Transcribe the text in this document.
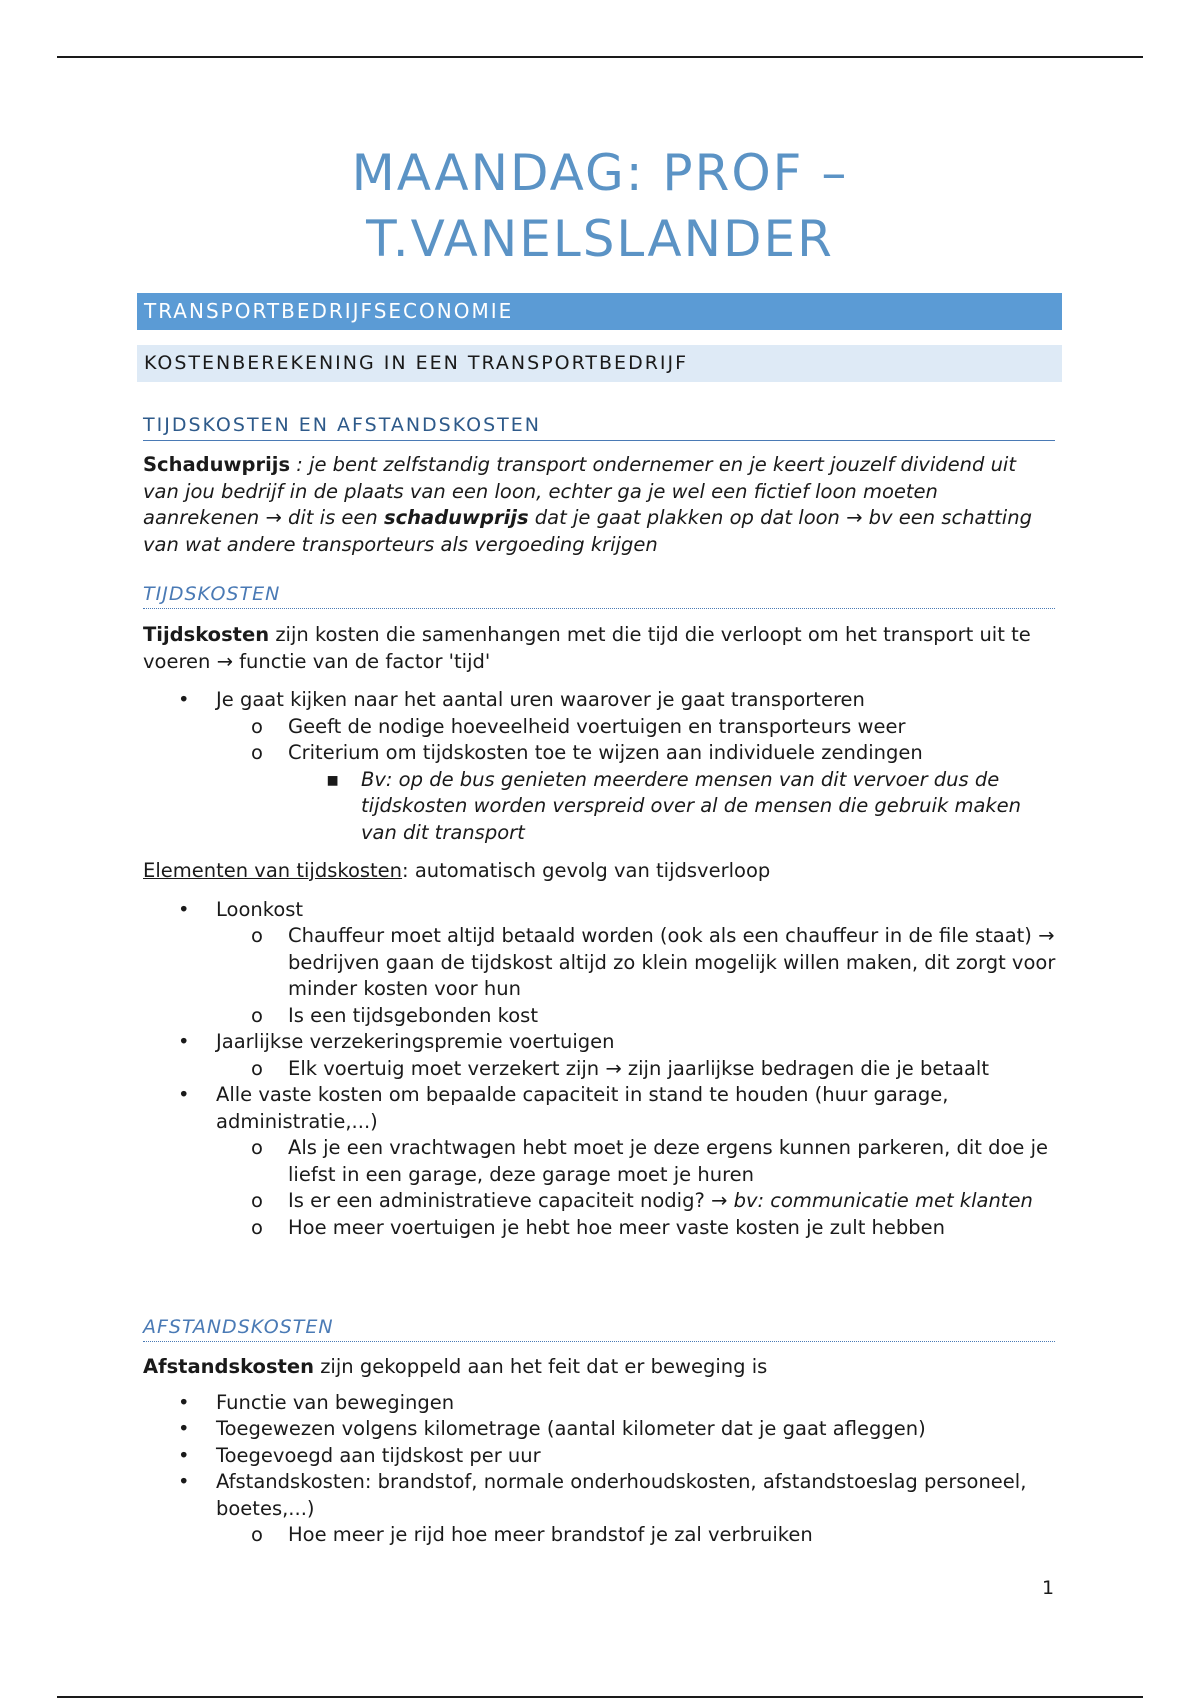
MAANDAG: PROF –
T.VANELSLANDER
TRANSPORTBEDRIJFSECONOMIE
KOSTENBEREKENING IN EEN TRANSPORTBEDRIJF
TIJDSKOSTEN EN AFSTANDSKOSTEN

Schaduwprijs : je bent zelfstandig transport ondernemer en je keert jouzelf dividend uit van jou bedrijf in de plaats van een loon, echter ga je wel een fictief loon moeten aanrekenen → dit is een schaduwprijs dat je gaat plakken op dat loon → bv een schatting van wat andere transporteurs als vergoeding krijgen

TIJDSKOSTEN

Tijdskosten zijn kosten die samenhangen met die tijd die verloopt om het transport uit te voeren → functie van de factor 'tijd'

• Je gaat kijken naar het aantal uren waarover je gaat transporteren
o Geeft de nodige hoeveelheid voertuigen en transporteurs weer
o Criterium om tijdskosten toe te wijzen aan individuele zendingen
▪ Bv: op de bus genieten meerdere mensen van dit vervoer dus de tijdskosten worden verspreid over al de mensen die gebruik maken van dit transport

Elementen van tijdskosten: automatisch gevolg van tijdsverloop

• Loonkost
o Chauffeur moet altijd betaald worden (ook als een chauffeur in de file staat) → bedrijven gaan de tijdskost altijd zo klein mogelijk willen maken, dit zorgt voor minder kosten voor hun
o Is een tijdsgebonden kost
• Jaarlijkse verzekeringspremie voertuigen
o Elk voertuig moet verzekert zijn → zijn jaarlijkse bedragen die je betaalt
• Alle vaste kosten om bepaalde capaciteit in stand te houden (huur garage, administratie,...)
o Als je een vrachtwagen hebt moet je deze ergens kunnen parkeren, dit doe je liefst in een garage, deze garage moet je huren
o Is er een administratieve capaciteit nodig? → bv: communicatie met klanten
o Hoe meer voertuigen je hebt hoe meer vaste kosten je zult hebben
AFSTANDSKOSTEN

Afstandskosten zijn gekoppeld aan het feit dat er beweging is

• Functie van bewegingen
• Toegewezen volgens kilometrage (aantal kilometer dat je gaat afleggen)
• Toegevoegd aan tijdskost per uur
• Afstandskosten: brandstof, normale onderhoudskosten, afstandstoeslag personeel, boetes,...)
o Hoe meer je rijd hoe meer brandstof je zal verbruiken
1
